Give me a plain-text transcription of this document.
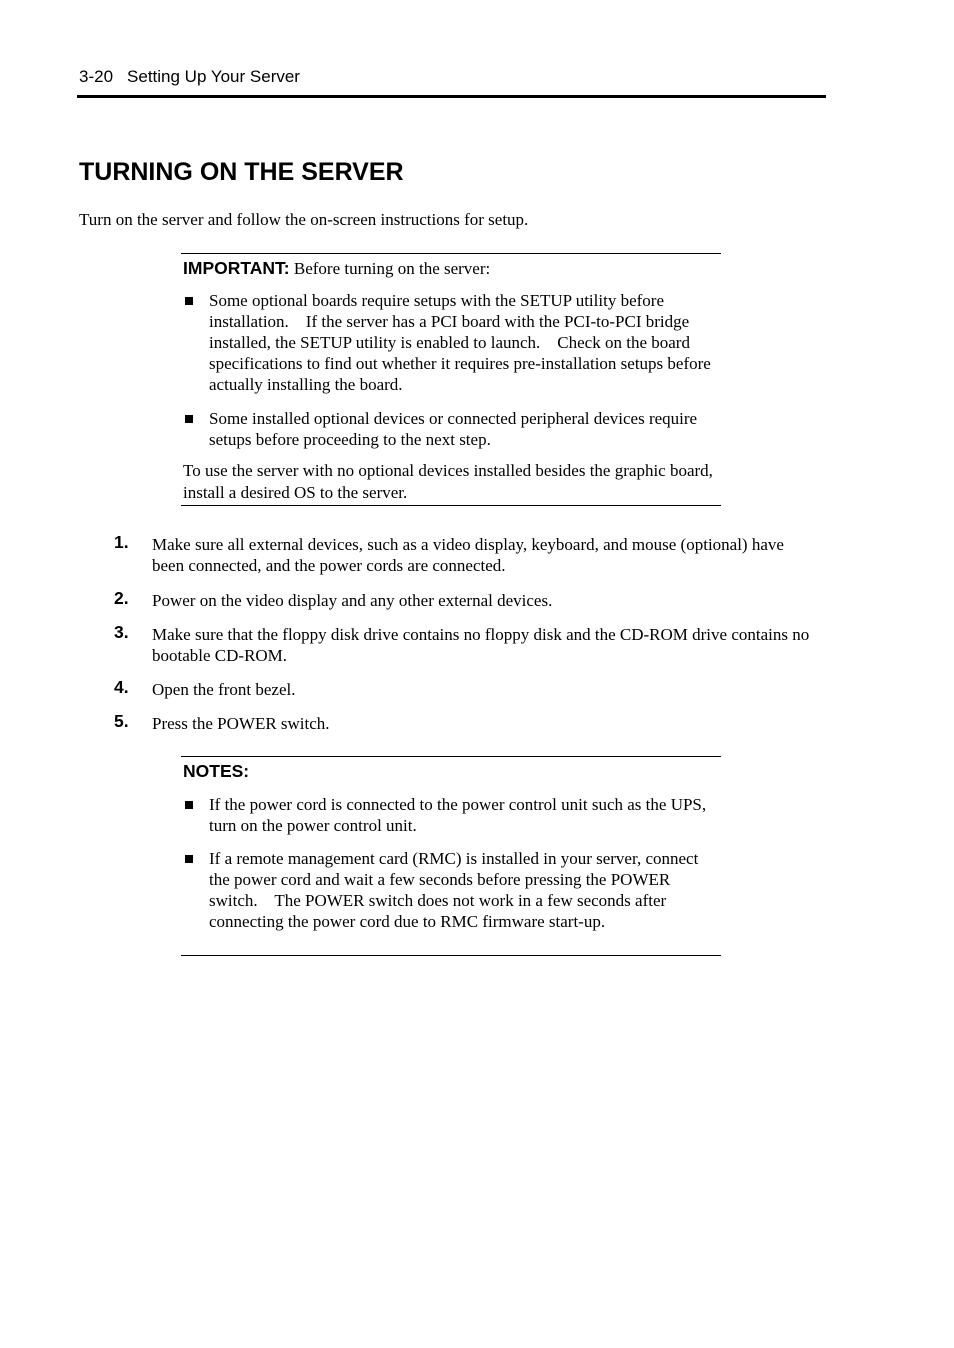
3-20 Setting Up Your Server
TURNING ON THE SERVER

Turn on the server and follow the on-screen instructions for setup.

IMPORTANT: Before turning on the server:
Some optional boards require setups with the SETUP utility before installation.    If the server has a PCI board with the PCI-to-PCI bridge installed, the SETUP utility is enabled to launch.    Check on the board specifications to find out whether it requires pre-installation setups before actually installing the board.
Some installed optional devices or connected peripheral devices require setups before proceeding to the next step.
To use the server with no optional devices installed besides the graphic board, install a desired OS to the server.
1. Make sure all external devices, such as a video display, keyboard, and mouse (optional) have been connected, and the power cords are connected.
2. Power on the video display and any other external devices.
3. Make sure that the floppy disk drive contains no floppy disk and the CD-ROM drive contains no bootable CD-ROM.
4. Open the front bezel.
5. Press the POWER switch.
NOTES:
If the power cord is connected to the power control unit such as the UPS, turn on the power control unit.
If a remote management card (RMC) is installed in your server, connect the power cord and wait a few seconds before pressing the POWER switch.    The POWER switch does not work in a few seconds after connecting the power cord due to RMC firmware start-up.
